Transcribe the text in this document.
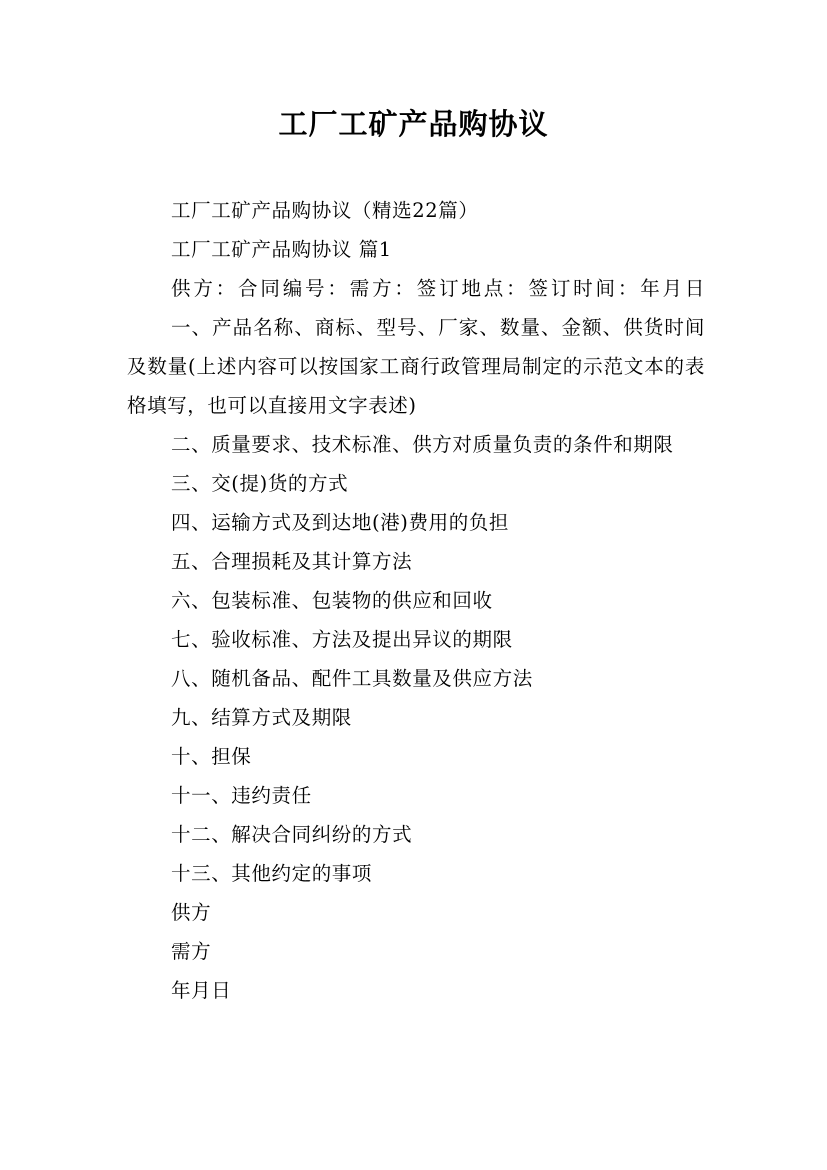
工厂工矿产品购协议

工厂工矿产品购协议（精选22篇）

工厂工矿产品购协议 篇1

供方：合同编号：需方：签订地点：签订时间：年月日

一、产品名称、商标、型号、厂家、数量、金额、供货时间及数量(上述内容可以按国家工商行政管理局制定的示范文本的表格填写，也可以直接用文字表述)

二、质量要求、技术标准、供方对质量负责的条件和期限

三、交(提)货的方式

四、运输方式及到达地(港)费用的负担

五、合理损耗及其计算方法

六、包装标准、包装物的供应和回收

七、验收标准、方法及提出异议的期限

八、随机备品、配件工具数量及供应方法

九、结算方式及期限

十、担保

十一、违约责任

十二、解决合同纠纷的方式

十三、其他约定的事项

供方

需方

年月日
